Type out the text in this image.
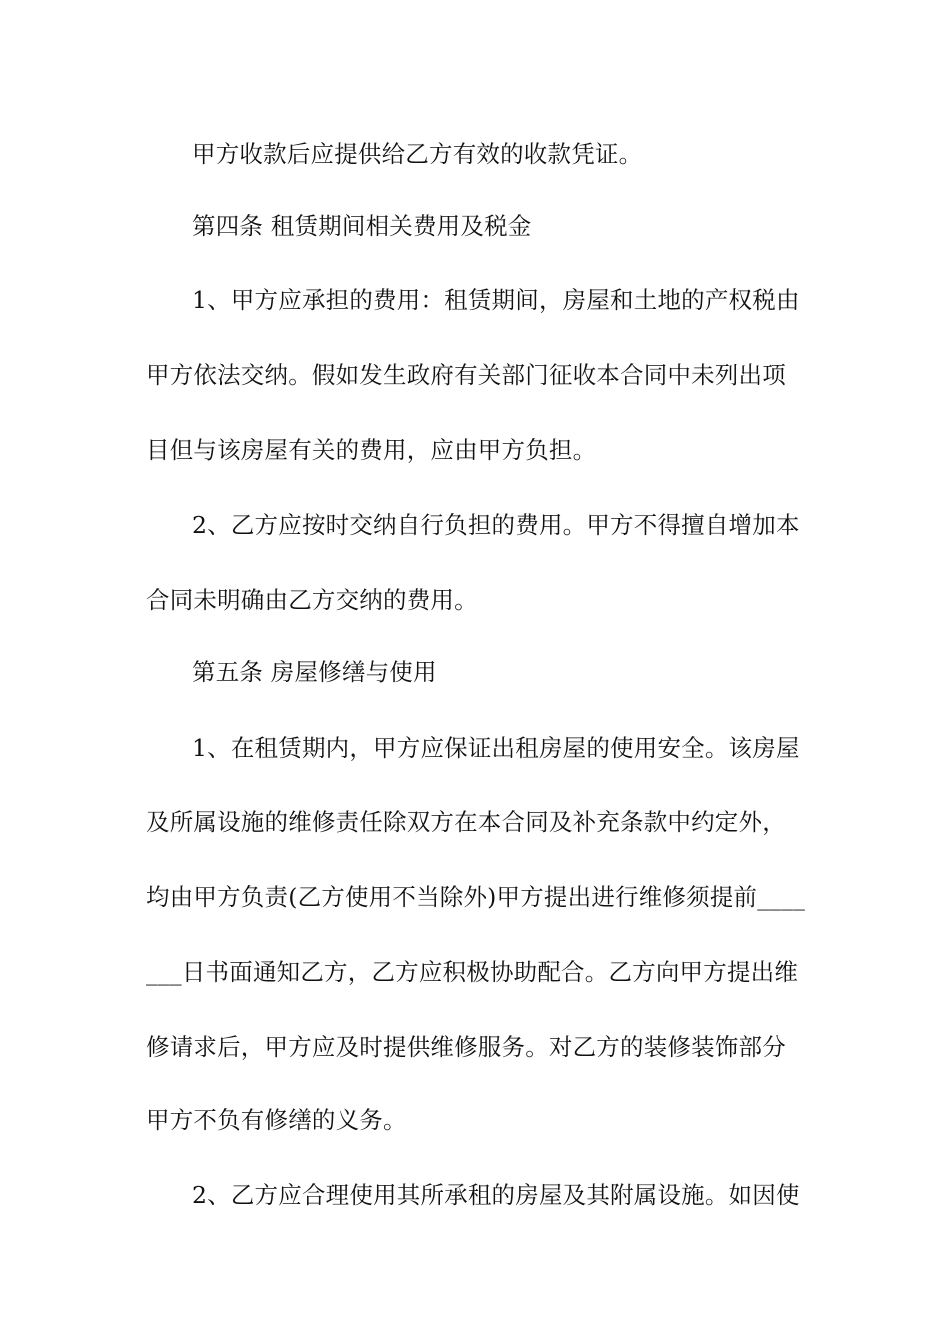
甲方收款后应提供给乙方有效的收款凭证。
第四条 租赁期间相关费用及税金
1、甲方应承担的费用：租赁期间，房屋和土地的产权税由
甲方依法交纳。假如发生政府有关部门征收本合同中未列出项
目但与该房屋有关的费用，应由甲方负担。
2、乙方应按时交纳自行负担的费用。甲方不得擅自增加本
合同未明确由乙方交纳的费用。
第五条 房屋修缮与使用
1、在租赁期内，甲方应保证出租房屋的使用安全。该房屋
及所属设施的维修责任除双方在本合同及补充条款中约定外，
均由甲方负责(乙方使用不当除外)甲方提出进行维修须提前____
___日书面通知乙方，乙方应积极协助配合。乙方向甲方提出维
修请求后，甲方应及时提供维修服务。对乙方的装修装饰部分
甲方不负有修缮的义务。
2、乙方应合理使用其所承租的房屋及其附属设施。如因使
